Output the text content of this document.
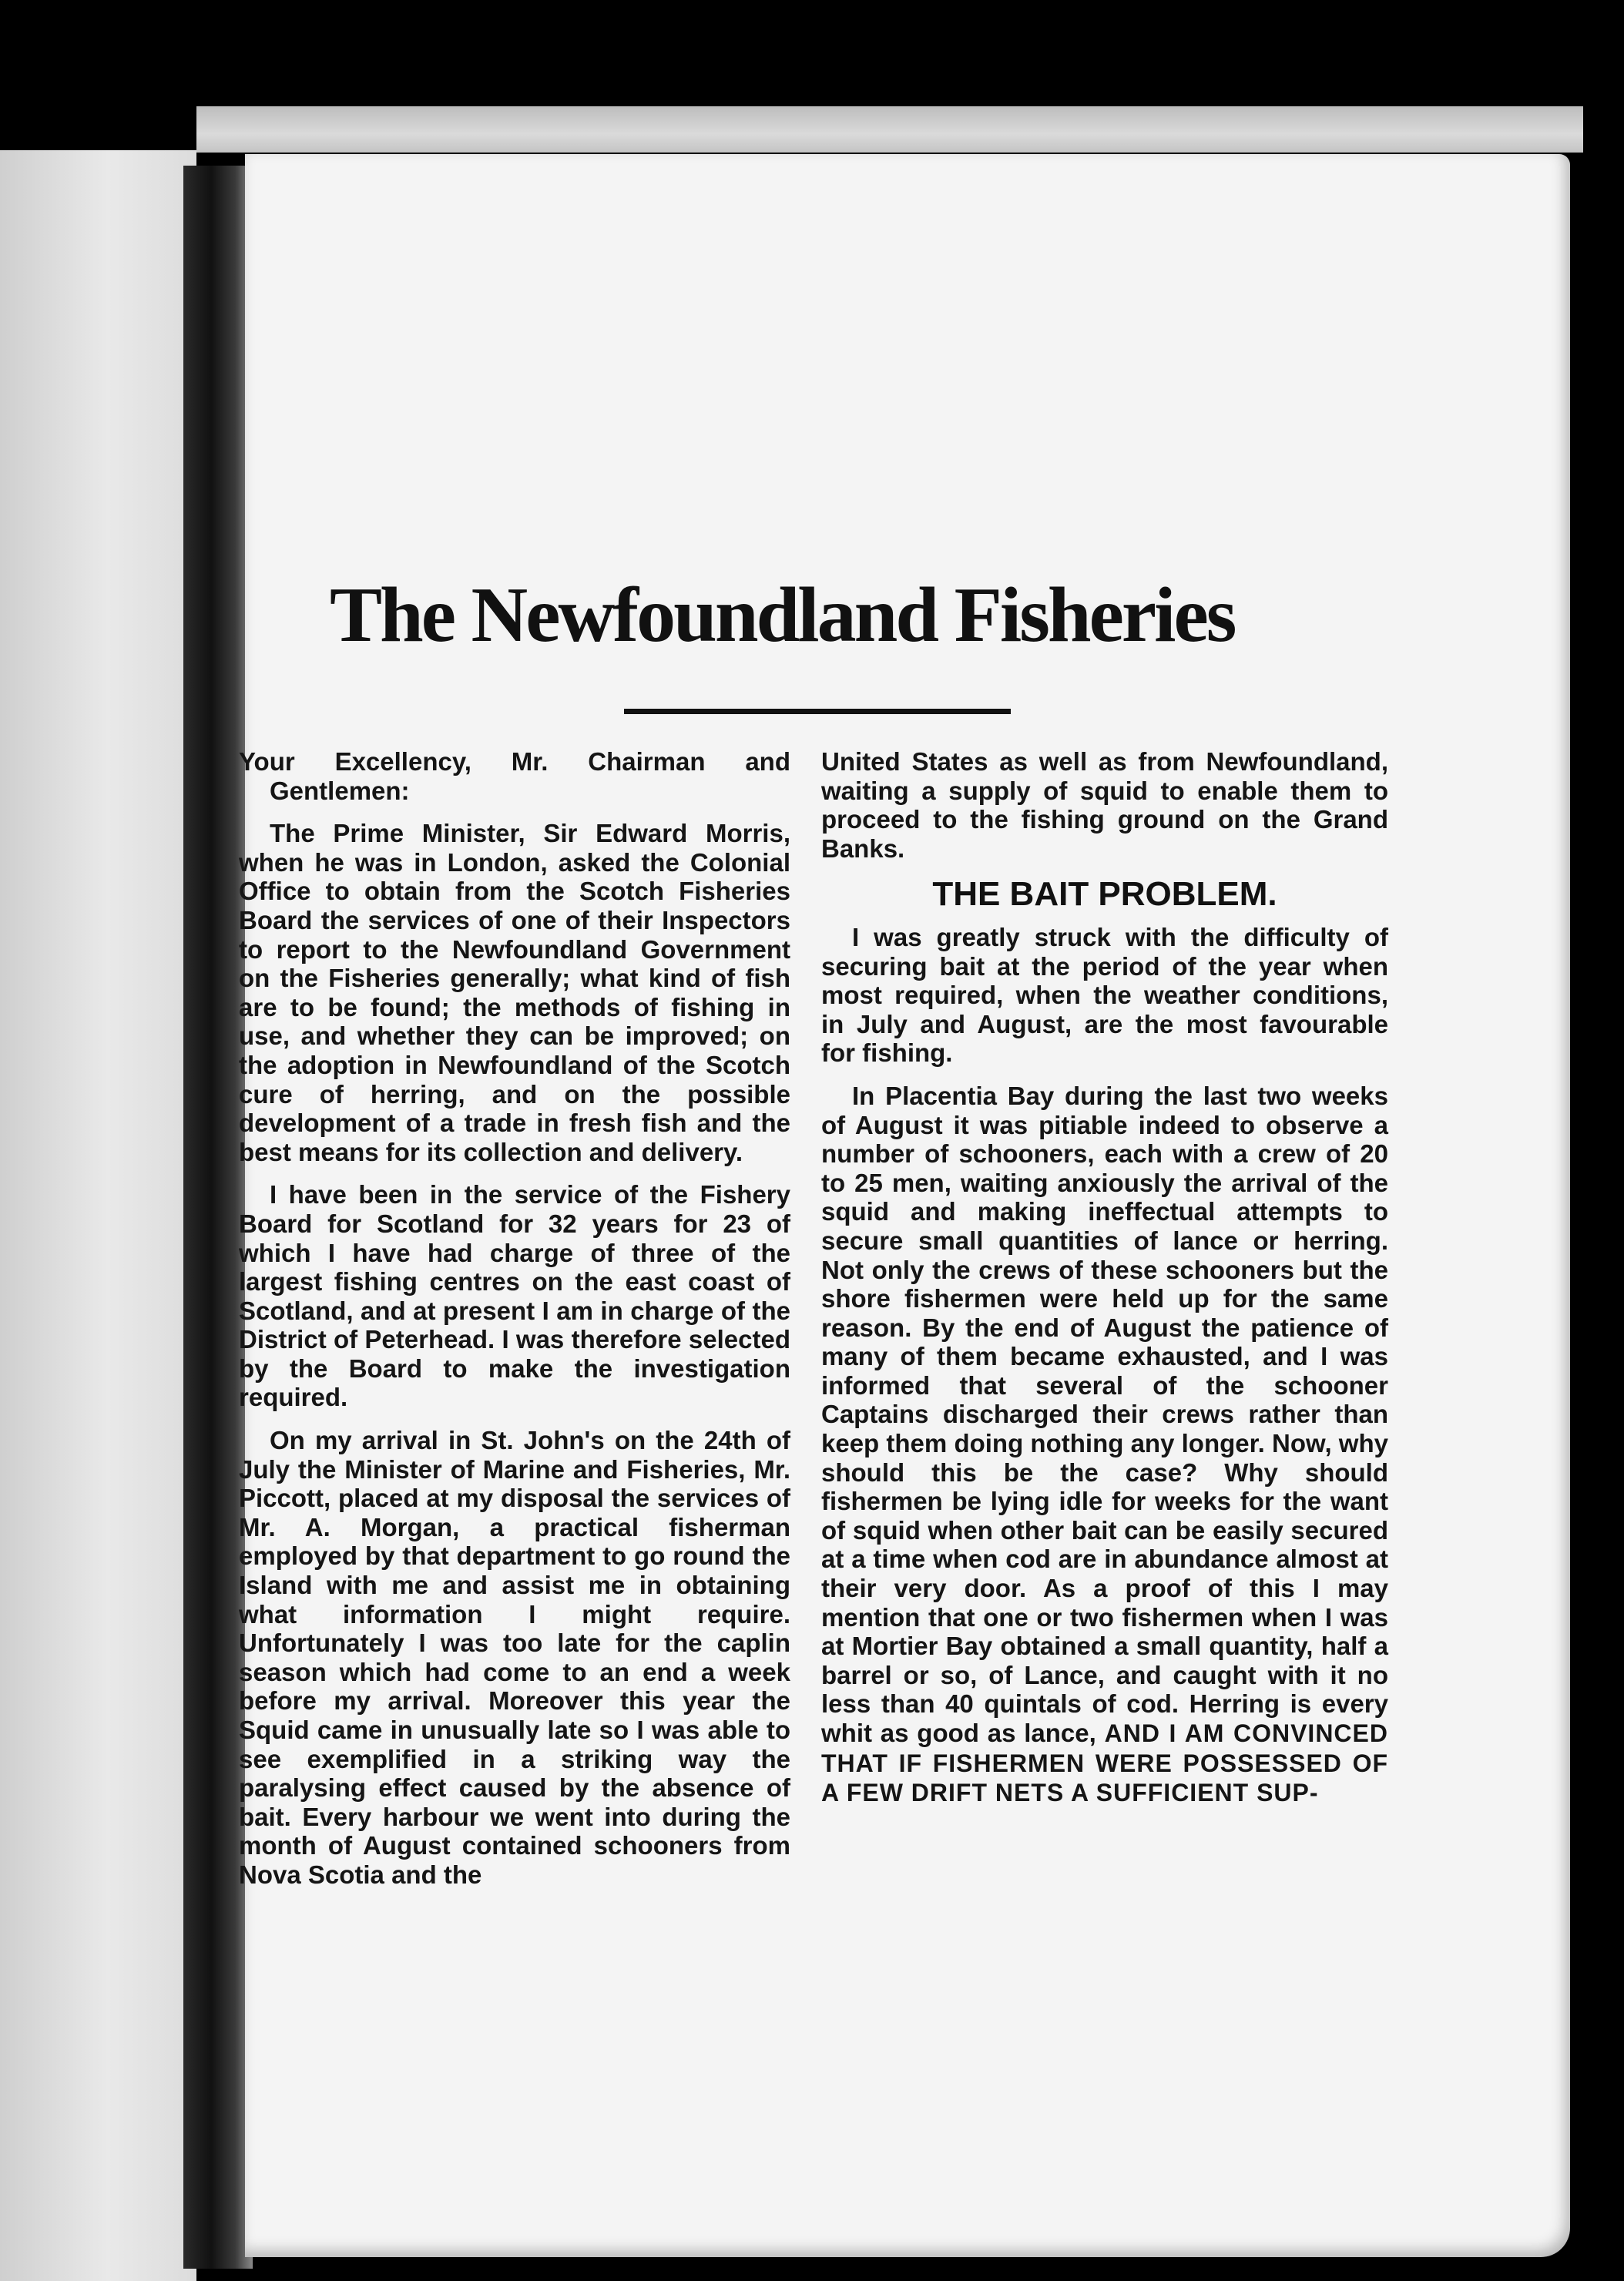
The Newfoundland Fisheries

Your Excellency, Mr. Chairman and Gentlemen:

The Prime Minister, Sir Edward Morris, when he was in London, asked the Colonial Office to obtain from the Scotch Fisheries Board the services of one of their Inspectors to report to the Newfoundland Government on the Fisheries generally; what kind of fish are to be found; the methods of fishing in use, and whether they can be improved; on the adoption in Newfoundland of the Scotch cure of herring, and on the possible development of a trade in fresh fish and the best means for its collection and delivery.

I have been in the service of the Fishery Board for Scotland for 32 years for 23 of which I have had charge of three of the largest fishing centres on the east coast of Scotland, and at present I am in charge of the District of Peterhead. I was therefore selected by the Board to make the investigation required.

On my arrival in St. John's on the 24th of July the Minister of Marine and Fisheries, Mr. Piccott, placed at my disposal the services of Mr. A. Morgan, a practical fisherman employed by that department to go round the Island with me and assist me in obtaining what information I might require. Unfortunately I was too late for the caplin season which had come to an end a week before my arrival. Moreover this year the Squid came in unusually late so I was able to see exemplified in a striking way the paralysing effect caused by the absence of bait. Every harbour we went into during the month of August contained schooners from Nova Scotia and the

United States as well as from Newfoundland, waiting a supply of squid to enable them to proceed to the fishing ground on the Grand Banks.

THE BAIT PROBLEM.

I was greatly struck with the difficulty of securing bait at the period of the year when most required, when the weather conditions, in July and August, are the most favourable for fishing.

In Placentia Bay during the last two weeks of August it was pitiable indeed to observe a number of schooners, each with a crew of 20 to 25 men, waiting anxiously the arrival of the squid and making ineffectual attempts to secure small quantities of lance or herring. Not only the crews of these schooners but the shore fishermen were held up for the same reason. By the end of August the patience of many of them became exhausted, and I was informed that several of the schooner Captains discharged their crews rather than keep them doing nothing any longer. Now, why should this be the case? Why should fishermen be lying idle for weeks for the want of squid when other bait can be easily secured at a time when cod are in abundance almost at their very door. As a proof of this I may mention that one or two fishermen when I was at Mortier Bay obtained a small quantity, half a barrel or so, of Lance, and caught with it no less than 40 quintals of cod. Herring is every whit as good as lance, AND I AM CONVINCED THAT IF FISHERMEN WERE POSSESSED OF A FEW DRIFT NETS A SUFFICIENT SUP-
